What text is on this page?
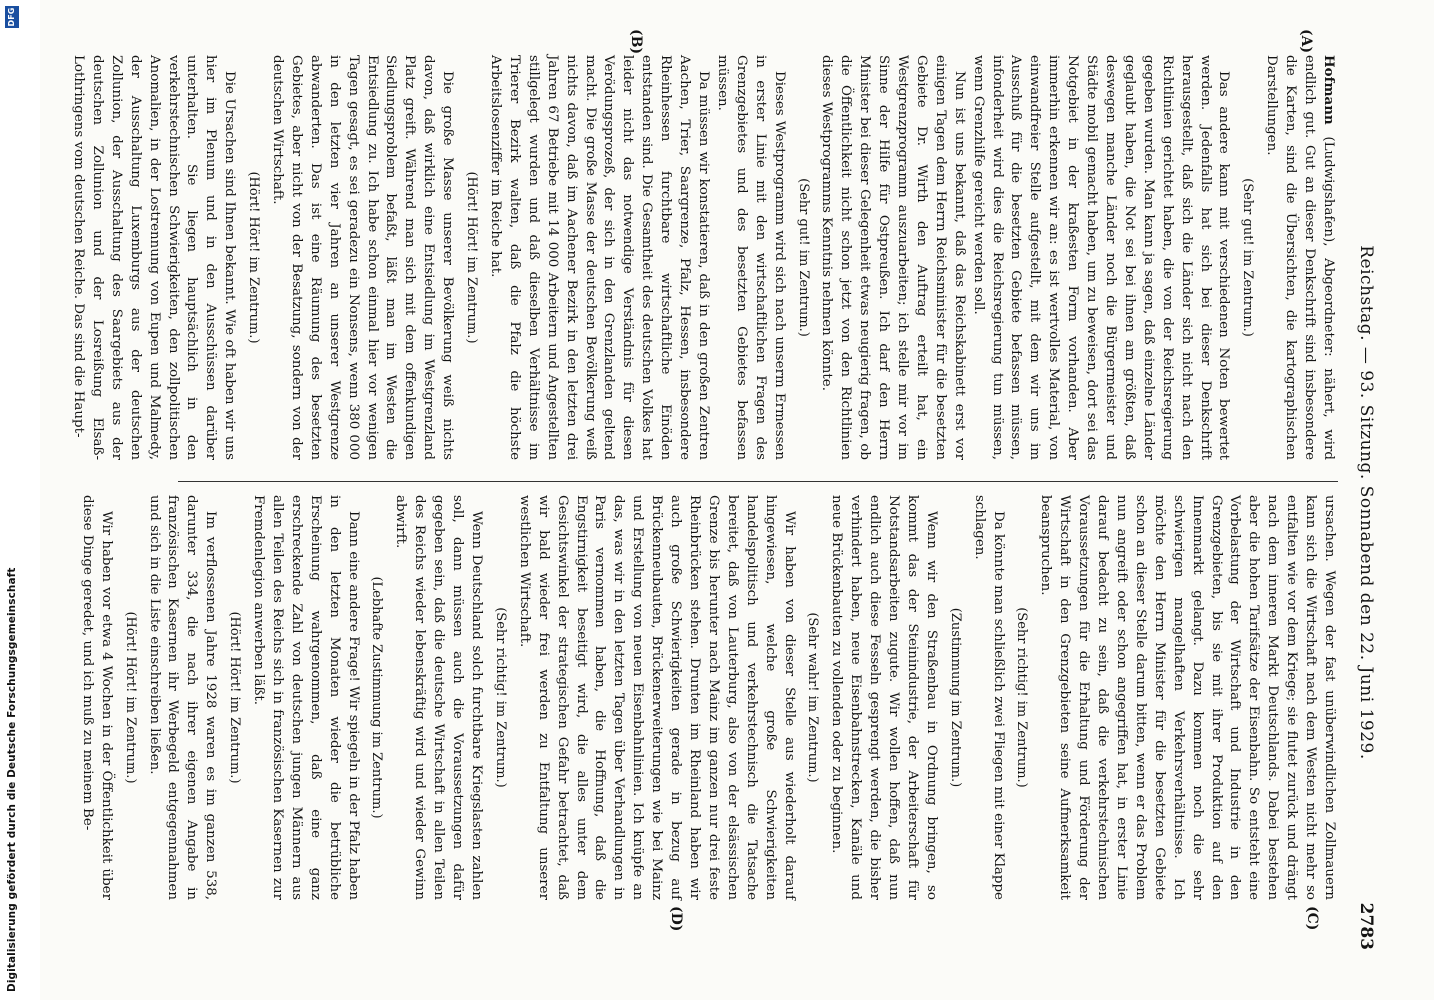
Reichstag. — 93. Sitzung. Sonnabend den 22. Juni 1929.
2783
(A)
(B)
(C)
(D)

Hofmann (Ludwigshafen), Abgeordneter: nähert, wird endlich gut. Gut an dieser Denkschrift sind insbesondere die Karten, sind die Übersichten, die kartographischen Darstellungen.

(Sehr gut! im Zentrum.)

Das andere kann mit verschiedenen Noten bewertet werden. Jedenfalls hat sich bei dieser Denkschrift herausgestellt, daß sich die Länder sich nicht nach den Richtlinien gerichtet haben, die von der Reichsregierung gegeben wurden. Man kann ja sagen, daß einzelne Länder geglaubt haben, die Not sei bei ihnen am größten, daß deswegen manche Länder noch die Bürgermeister und Städte mobil gemacht haben, um zu beweisen, dort sei das Notgebiet in der kraßesten Form vorhanden. Aber immerhin erkennen wir an: es ist wertvolles Material, von einwandfreier Stelle aufgestellt, mit dem wir uns im Ausschuß für die besetzten Gebiete befassen müssen, infonderheit wird dies die Reichsregierung tun müssen, wenn Grenzhilfe gereicht werden soll.

Nun ist uns bekannt, daß das Reichskabinett erst vor einigen Tagen dem Herrn Reichsminister für die besetzten Gebiete Dr. Wirth den Auftrag erteilt hat, ein Westgrenzprogramm auszuarbeiten; ich stelle mir vor im Sinne der Hilfe für Ostpreußen. Ich darf den Herrn Minister bei dieser Gelegenheit etwas neugierig fragen, ob die Öffentlichkeit nicht schon jetzt von den Richtlinien dieses Westprogramms Kenntnis nehmen könnte.

(Sehr gut! im Zentrum.)

Dieses Westprogramm wird sich nach unserm Ermessen in erster Linie mit den wirtschaftlichen Fragen des Grenzgebietes und des besetzten Gebietes befassen müssen.

Da müssen wir konstatieren, daß in den großen Zentren Aachen, Trier, Saargrenze, Pfalz, Hessen, insbesondere Rheinhessen furchtbare wirtschaftliche Einöden entstanden sind. Die Gesamtheit des deutschen Volkes hat leider nicht das notwendige Verständnis für diesen Verödungsprozeß, der sich in den Grenzlanden geltend macht. Die große Masse der deutschen Bevölkerung weiß nichts davon, daß im Aachener Bezirk in den letzten drei Jahren 67 Betriebe mit 14 000 Arbeitern und Angestellten stillgelegt wurden und daß dieselben Verhältnisse im Trierer Bezirk walten, daß die Pfalz die höchste Arbeitslosenziffer im Reiche hat.

(Hört! Hört! im Zentrum.)

Die große Masse unserer Bevölkerung weiß nichts davon, daß wirklich eine Entsiedlung im Westgrenzland Platz greift. Während man sich mit dem offenkundigen Siedlungsproblem befaßt, läßt man im Westen die Entsiedlung zu. Ich habe schon einmal hier vor wenigen Tagen gesagt, es sei geradezu ein Nonsens, wenn 380 000 in den letzten vier Jahren an unserer Westgrenze abwanderten. Das ist eine Räumung des besetzten Gebietes, aber nicht von der Besatzung, sondern von der deutschen Wirtschaft.

(Hört! Hört! im Zentrum.)

Die Ursachen sind Ihnen bekannt. Wie oft haben wir uns hier im Plenum und in den Ausschüssen darüber unterhalten. Sie liegen hauptsächlich in den verkehrstechnischen Schwierigkeiten, den zollpolitischen Anomalien, in der Lostrennung von Eupen und Malmedy, der Ausschaltung Luxemburgs aus der deutschen Zollunion, der Ausschaltung des Saargebiets aus der deutschen Zollunion und der Losreißung Elsaß-Lothringens vom deutschen Reiche. Das sind die Haupt-

ursachen. Wegen der fast unüberwindlichen Zollmauern kann sich die Wirtschaft nach dem Westen nicht mehr so entfalten wie vor dem Kriege; sie flutet zurück und drängt nach dem inneren Markt Deutschlands. Dabei bestehen aber die hohen Tarifsätze der Eisenbahn. So entsteht eine Vorbelastung der Wirtschaft und Industrie in den Grenzgebieten, bis sie mit ihrer Produktion auf den Innenmarkt gelangt. Dazu kommen noch die sehr schwierigen mangelhaften Verkehrsverhältnisse. Ich möchte den Herrn Minister für die besetzten Gebiete schon an dieser Stelle darum bitten, wenn er das Problem nun angreift oder schon angegriffen hat, in erster Linie darauf bedacht zu sein, daß die verkehrstechnischen Voraussetzungen für die Erhaltung und Förderung der Wirtschaft in den Grenzgebieten seine Aufmerksamkeit beanspruchen.

(Sehr richtig! im Zentrum.)

Da könnte man schließlich zwei Fliegen mit einer Klappe schlagen.

(Zustimmung im Zentrum.)

Wenn wir den Straßenbau in Ordnung bringen, so kommt das der Steinindustrie, der Arbeiterschaft für Notstandsarbeiten zugute. Wir wollen hoffen, daß nun endlich auch diese Fesseln gesprengt werden, die bisher verhindert haben, neue Eisenbahnstrecken, Kanäle und neue Brückenbauten zu vollenden oder zu beginnen.

(Sehr wahr! im Zentrum.)

Wir haben von dieser Stelle aus wiederholt darauf hingewiesen, welche große Schwierigkeiten handelspolitisch und verkehrstechnisch die Tatsache bereitet, daß von Lauterburg, also von der elsässischen Grenze bis herunter nach Mainz im ganzen nur drei feste Rheinbrücken stehen. Drunten im Rheinland haben wir auch große Schwierigkeiten gerade in bezug auf Brückenneubauten, Brückenerweiterungen wie bei Mainz und Erstellung von neuen Eisenbahnlinien. Ich knüpfe an das, was wir in den letzten Tagen über Verhandlungen in Paris vernommen haben, die Hoffnung, daß die Engstirnigkeit beseitigt wird, die alles unter dem Gesichtswinkel der strategischen Gefahr betrachtet, daß wir bald wieder frei werden zu Entfaltung unserer westlichen Wirtschaft.

(Sehr richtig! im Zentrum.)

Wenn Deutschland solch furchtbare Kriegslasten zahlen soll, dann müssen auch die Voraussetzungen dafür gegeben sein, daß die deutsche Wirtschaft in allen Teilen des Reichs wieder lebenskräftig wird und wieder Gewinn abwirft.

(Lebhafte Zustimmung im Zentrum.)

Dann eine andere Frage! Wir spiegeln in der Pfalz haben in den letzten Monaten wieder die betrübliche Erscheinung wahrgenommen, daß eine ganz erschreckende Zahl von deutschen jungen Männern aus allen Teilen des Reichs sich in französischen Kasernen zur Fremdenlegion anwerben läßt.

(Hört! Hört! im Zentrum.)

Im verflossenen Jahre 1928 waren es im ganzen 538, darunter 334, die nach ihrer eigenen Angabe in französischen Kasernen ihr Werbegeld entgegennahmen und sich in die Liste einschreiben ließen.

(Hört! Hört! im Zentrum.)

Wir haben vor etwa 4 Wochen in der Öffentlichkeit über diese Dinge geredet, und ich muß zu meinem Be-

Digitalisierung gefördert durch die Deutsche Forschungsgemeinschaft
DFG
